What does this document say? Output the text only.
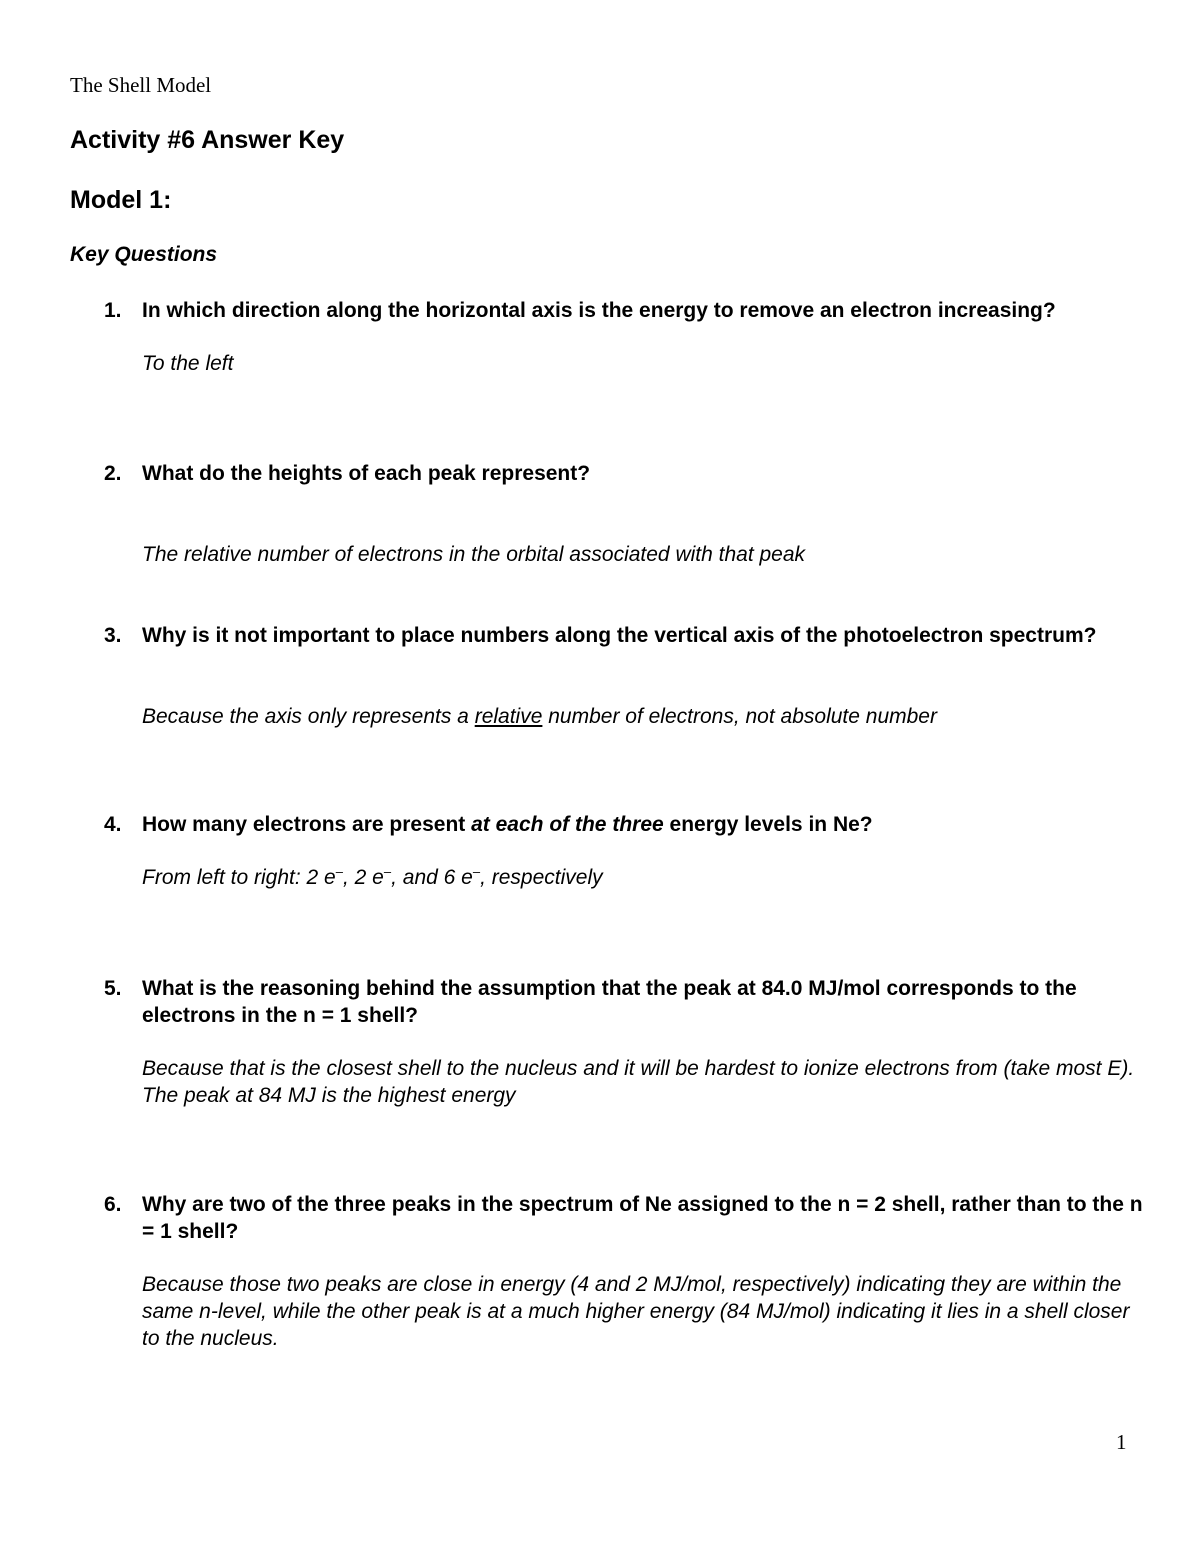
The Shell Model

Activity #6 Answer Key
Model 1:
Key Questions
1. In which direction along the horizontal axis is the energy to remove an electron increasing?

To the left

2. What do the heights of each peak represent?

The relative number of electrons in the orbital associated with that peak

3. Why is it not important to place numbers along the vertical axis of the photoelectron spectrum?

Because the axis only represents a relative number of electrons, not absolute number

4. How many electrons are present at each of the three energy levels in Ne?

From left to right: 2 e–, 2 e–, and 6 e–, respectively

5. What is the reasoning behind the assumption that the peak at 84.0 MJ/mol corresponds to the electrons in the n = 1 shell?

Because that is the closest shell to the nucleus and it will be hardest to ionize electrons from (take most E). The peak at 84 MJ is the highest energy

6. Why are two of the three peaks in the spectrum of Ne assigned to the n = 2 shell, rather than to the n = 1 shell?

Because those two peaks are close in energy (4 and 2 MJ/mol, respectively) indicating they are within the same n-level, while the other peak is at a much higher energy (84 MJ/mol) indicating it lies in a shell closer to the nucleus.

1
